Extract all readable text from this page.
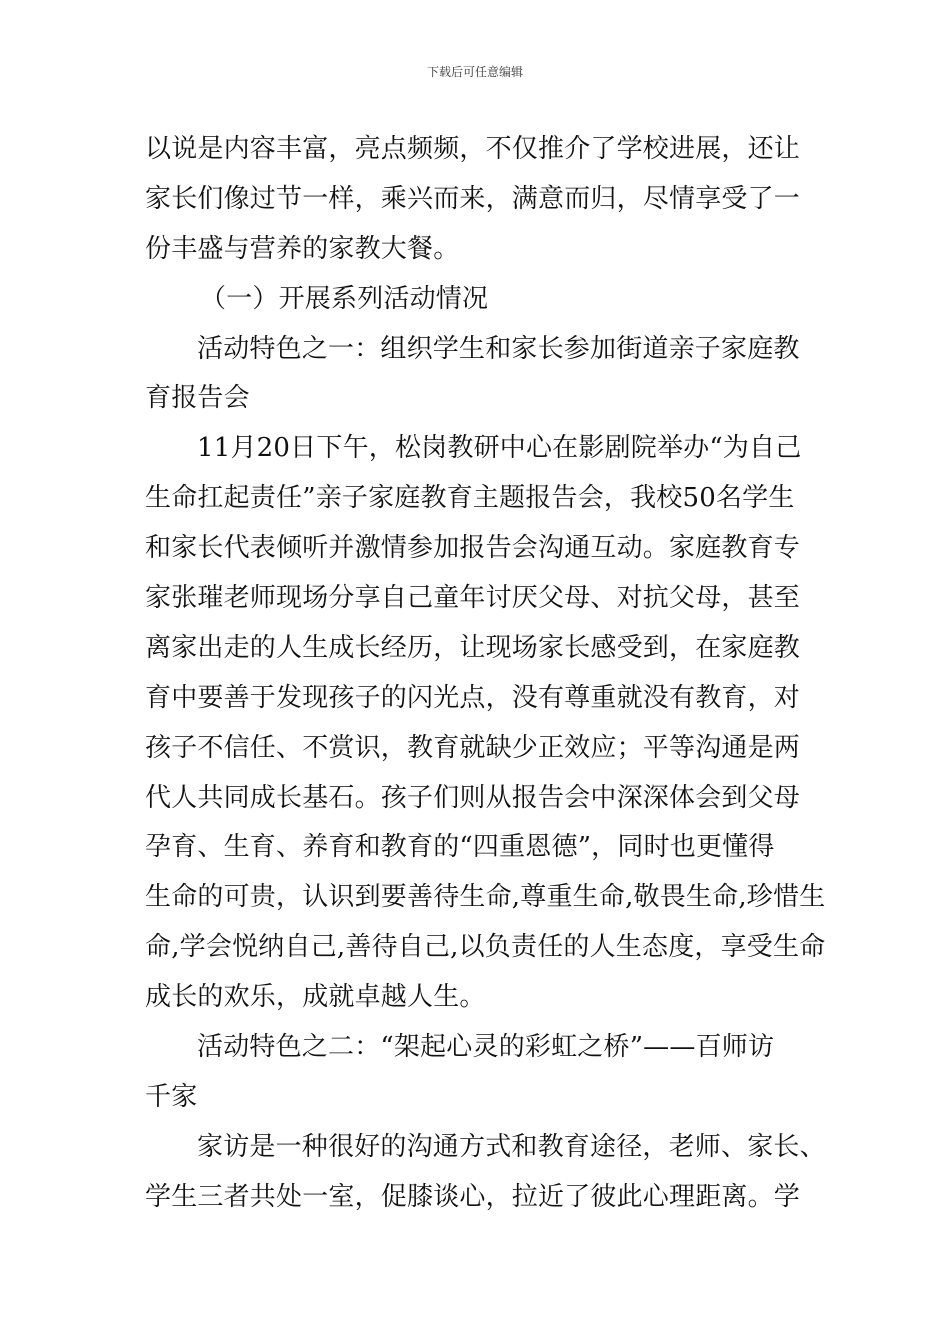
下载后可任意编辑
以说是内容丰富，亮点频频，不仅推介了学校进展，还让
家长们像过节一样，乘兴而来，满意而归，尽情享受了一
份丰盛与营养的家教大餐。
（一）开展系列活动情况
活动特色之一：组织学生和家长参加街道亲子家庭教
育报告会
11月20日下午，松岗教研中心在影剧院举办“为自己
生命扛起责任”亲子家庭教育主题报告会，我校50名学生
和家长代表倾听并激情参加报告会沟通互动。家庭教育专
家张璀老师现场分享自己童年讨厌父母、对抗父母，甚至
离家出走的人生成长经历，让现场家长感受到，在家庭教
育中要善于发现孩子的闪光点，没有尊重就没有教育，对
孩子不信任、不赏识，教育就缺少正效应；平等沟通是两
代人共同成长基石。孩子们则从报告会中深深体会到父母
孕育、生育、养育和教育的“四重恩德”，同时也更懂得
生命的可贵，认识到要善待生命,尊重生命,敬畏生命,珍惜生
命,学会悦纳自己,善待自己,以负责任的人生态度，享受生命
成长的欢乐，成就卓越人生。
活动特色之二：“架起心灵的彩虹之桥”——百师访
千家
家访是一种很好的沟通方式和教育途径，老师、家长、
学生三者共处一室，促膝谈心，拉近了彼此心理距离。学
